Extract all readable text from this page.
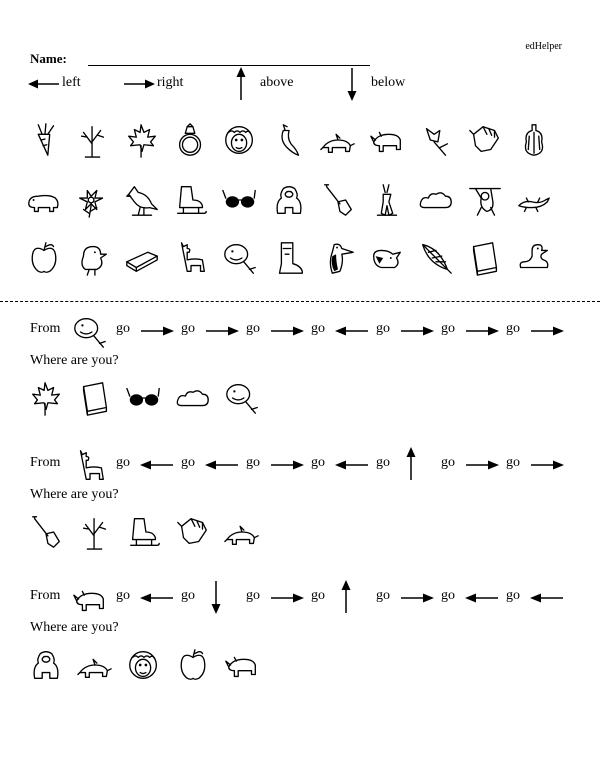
edHelper
Name:
left	right	above	below
From	go	go	go	go	go	go	go
Where are you?
From	go	go	go	go	go	go	go
Where are you?
From	go	go	go	go	go	go	go
Where are you?
